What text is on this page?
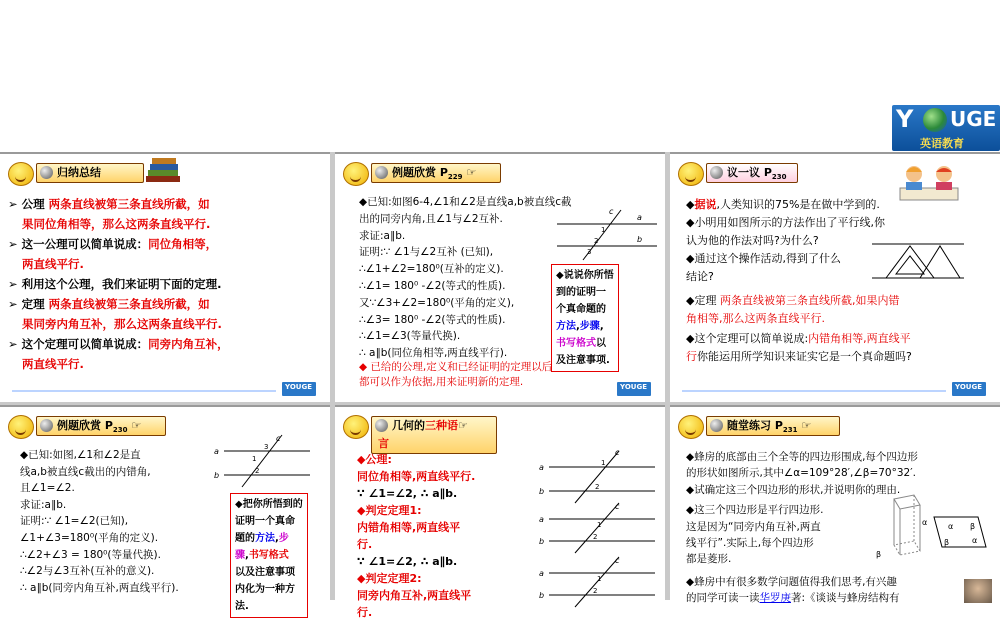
Y UGE
英语教育
归纳总结
➢ 公理 两条直线被第三条直线所截，如
果同位角相等，那么这两条直线平行.
➢ 这一公理可以简单说成：同位角相等，
两直线平行.
➢ 利用这个公理，我们来证明下面的定理.
➢ 定理 两条直线被第三条直线所截，如
果同旁内角互补，那么这两条直线平行.
➢ 这个定理可以简单说成：同旁内角互补，
两直线平行.
YOUGE
例题欣赏 $P_{229}$ ☞
◆已知:如图6-4,∠1和∠2是直线a,b被直线c截
出的同旁内角,且∠1与∠2互补.
求证:a∥b.
证明:∵ ∠1与∠2互补 (已知),
∴∠1+∠2=180⁰(互补的定义).
∴∠1= 180⁰ -∠2(等式的性质).
又∵∠3+∠2=180⁰(平角的定义),
∴∠3= 180⁰ -∠2(等式的性质).
∴∠1=∠3(等量代换).
∴ a∥b(同位角相等,两直线平行).
c
a
b
1
2
3
◆说说你所悟
到的证明一
个真命题的
方法,步骤,
书写格式以
及注意事项.
◆ 已给的公理,定义和已经证明的定理以后
都可以作为依据,用来证明新的定理.
YOUGE
议一议 $P_{230}$
◆据说,人类知识的75%是在做中学到的.
◆小明用如图所示的方法作出了平行线,你
认为他的作法对吗?为什么?
◆通过这个操作活动,得到了什么
结论?
◆定理 两条直线被第三条直线所截,如果内错
角相等,那么这两条直线平行.
◆这个定理可以简单说成:内错角相等,两直线平
行你能运用所学知识来证实它是一个真命题吗?
YOUGE
例题欣赏 $P_{230}$ ☞
◆已知:如图,∠1和∠2是直
线a,b被直线c截出的内错角,
且∠1=∠2.
求证:a∥b.
证明:∵ ∠1=∠2(已知),
∠1+∠3=180⁰(平角的定义).
∴∠2+∠3 = 180⁰(等量代换).
∴∠2与∠3互补(互补的意义).
∴ a∥b(同旁内角互补,两直线平行).
c
a
b
1
3
2
◆把你所悟到的
证明一个真命
题的方法,步
骤,书写格式
以及注意事项
内化为一种方
法.
几何的三种语☞
言
◆公理:
同位角相等,两直线平行.
∵ ∠1=∠2, ∴ a∥b.
◆判定定理1:
内错角相等,两直线平
行.
∵ ∠1=∠2, ∴ a∥b.
◆判定定理2:
同旁内角互补,两直线平
行.
a
b
c
1
2
a
b
c
1
2
a
b
c
1
2
随堂练习 $P_{231}$ ☞
◆蜂房的底部由三个全等的四边形围成,每个四边形
的形状如图所示,其中∠α=109°28′,∠β=70°32′.
◆试确定这三个四边形的形状,并说明你的理由.
◆这三个四边形是平行四边形.
这是因为“同旁内角互补,两直
线平行”.实际上,每个四边形
都是菱形.
◆蜂房中有很多数学问题值得我们思考,有兴趣
的同学可读一读华罗庚著:《谈谈与蜂房结构有
α β
β	α
β
α
